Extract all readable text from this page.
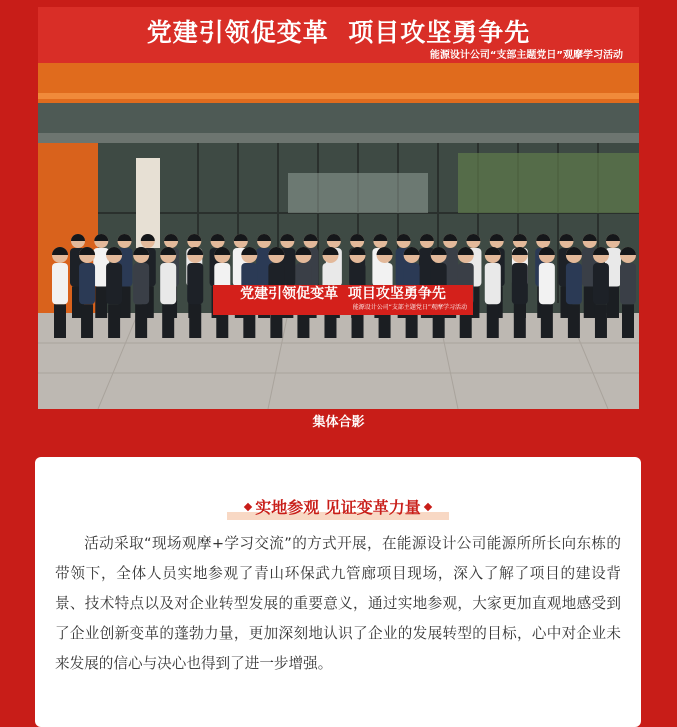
党建引领促变革  项目攻坚勇争先
能源设计公司“支部主题党日”观摩学习活动
党建引领促变革  项目攻坚勇争先
能源设计公司“支部主题党日”观摩学习活动
集体合影
实地参观 见证变革力量

活动采取“现场观摩+学习交流”的方式开展，在能源设计公司能源所所长向东栋的带领下，全体人员实地参观了青山环保武九管廊项目现场，深入了解了项目的建设背景、技术特点以及对企业转型发展的重要意义，通过实地参观，大家更加直观地感受到了企业创新变革的蓬勃力量，更加深刻地认识了企业的发展转型的目标，心中对企业未来发展的信心与决心也得到了进一步增强。
